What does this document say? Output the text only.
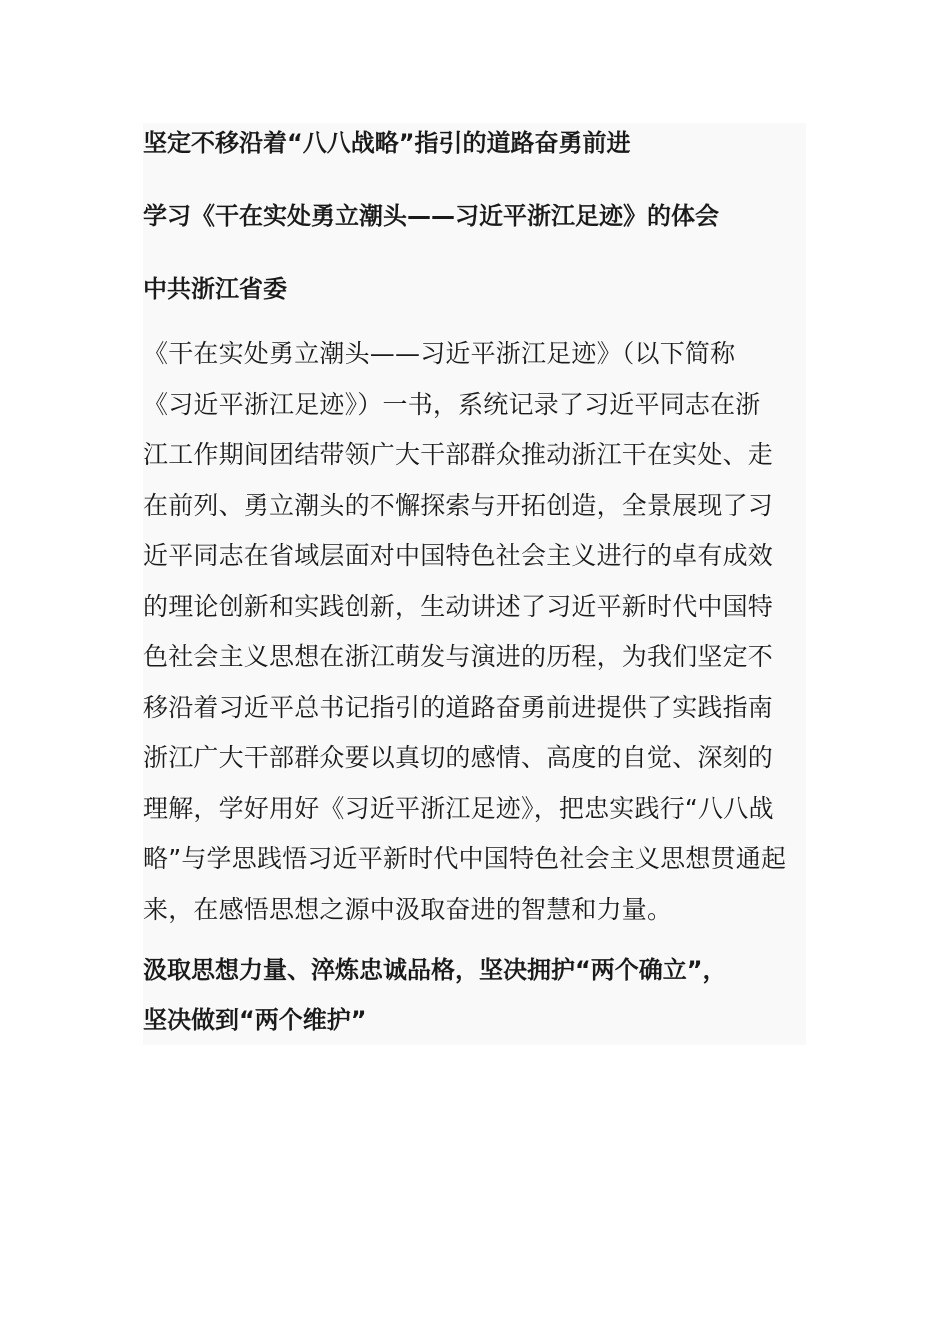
坚定不移沿着“八八战略”指引的道路奋勇前进
学习《干在实处勇立潮头——习近平浙江足迹》的体会
中共浙江省委
《干在实处勇立潮头——习近平浙江足迹》（以下简称
《习近平浙江足迹》）一书，系统记录了习近平同志在浙
江工作期间团结带领广大干部群众推动浙江干在实处、走
在前列、勇立潮头的不懈探索与开拓创造，全景展现了习
近平同志在省域层面对中国特色社会主义进行的卓有成效
的理论创新和实践创新，生动讲述了习近平新时代中国特
色社会主义思想在浙江萌发与演进的历程，为我们坚定不
移沿着习近平总书记指引的道路奋勇前进提供了实践指南
浙江广大干部群众要以真切的感情、高度的自觉、深刻的
理解，学好用好《习近平浙江足迹》，把忠实践行“八八战
略”与学思践悟习近平新时代中国特色社会主义思想贯通起
来，在感悟思想之源中汲取奋进的智慧和力量。
汲取思想力量、淬炼忠诚品格，坚决拥护“两个确立”，
坚决做到“两个维护”
